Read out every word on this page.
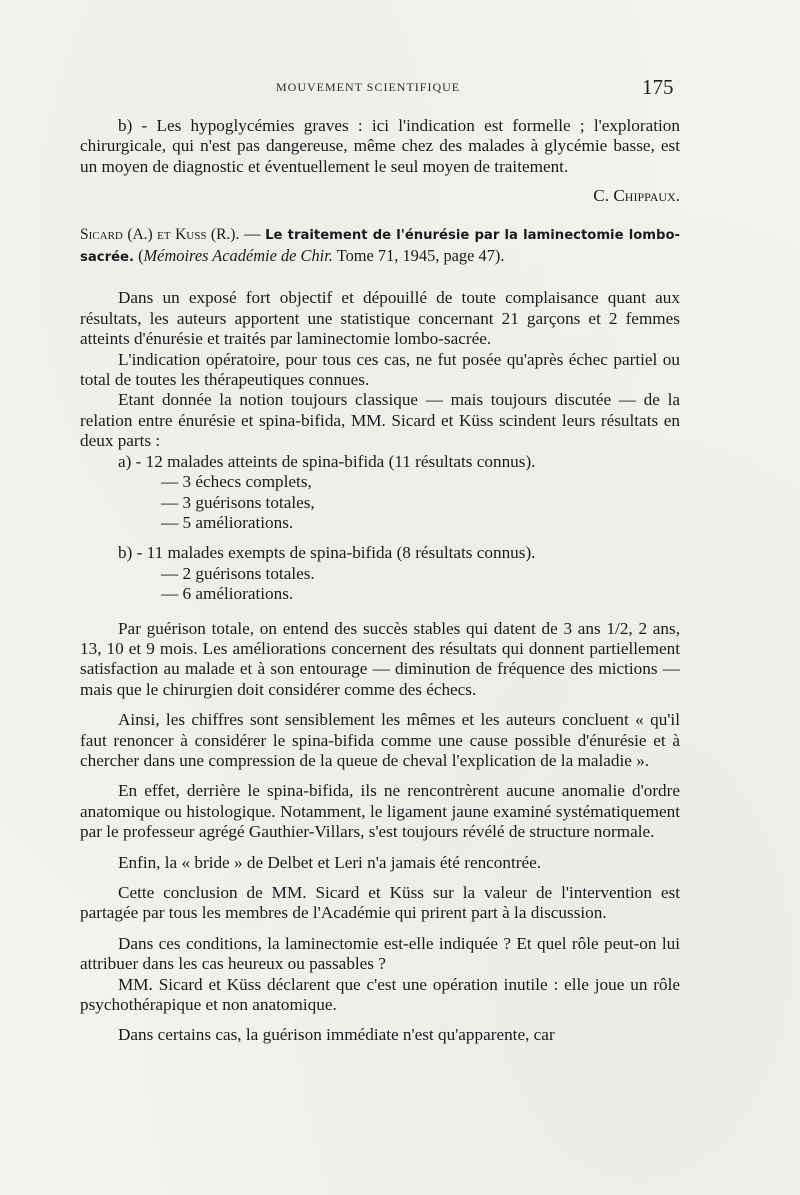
MOUVEMENT SCIENTIFIQUE	175

b) - Les hypoglycémies graves : ici l'indication est formelle ; l'exploration chirurgicale, qui n'est pas dangereuse, même chez des malades à glycémie basse, est un moyen de diagnostic et éventuellement le seul moyen de traitement.

C. Chippaux.

Sicard (A.) et Kuss (R.). — Le traitement de l'énurésie par la laminectomie lombo-sacrée. (Mémoires Académie de Chir. Tome 71, 1945, page 47).

Dans un exposé fort objectif et dépouillé de toute complaisance quant aux résultats, les auteurs apportent une statistique concernant 21 garçons et 2 femmes atteints d'énurésie et traités par laminectomie lombo-sacrée.

L'indication opératoire, pour tous ces cas, ne fut posée qu'après échec partiel ou total de toutes les thérapeutiques connues.

Etant donnée la notion toujours classique — mais toujours discutée — de la relation entre énurésie et spina-bifida, MM. Sicard et Küss scindent leurs résultats en deux parts :

a) - 12 malades atteints de spina-bifida (11 résultats connus).

— 3 échecs complets,

— 3 guérisons totales,

— 5 améliorations.

b) - 11 malades exempts de spina-bifida (8 résultats connus).

— 2 guérisons totales.

— 6 améliorations.

Par guérison totale, on entend des succès stables qui datent de 3 ans 1/2, 2 ans, 13, 10 et 9 mois. Les améliorations concernent des résultats qui donnent partiellement satisfaction au malade et à son entourage — diminution de fréquence des mictions — mais que le chirurgien doit considérer comme des échecs.

Ainsi, les chiffres sont sensiblement les mêmes et les auteurs concluent « qu'il faut renoncer à considérer le spina-bifida comme une cause possible d'énurésie et à chercher dans une compression de la queue de cheval l'explication de la maladie ».

En effet, derrière le spina-bifida, ils ne rencontrèrent aucune anomalie d'ordre anatomique ou histologique. Notamment, le ligament jaune examiné systématiquement par le professeur agrégé Gauthier-Villars, s'est toujours révélé de structure normale.

Enfin, la « bride » de Delbet et Leri n'a jamais été rencontrée.

Cette conclusion de MM. Sicard et Küss sur la valeur de l'intervention est partagée par tous les membres de l'Académie qui prirent part à la discussion.

Dans ces conditions, la laminectomie est-elle indiquée ? Et quel rôle peut-on lui attribuer dans les cas heureux ou passables ?

MM. Sicard et Küss déclarent que c'est une opération inutile : elle joue un rôle psychothérapique et non anatomique.

Dans certains cas, la guérison immédiate n'est qu'apparente, car
